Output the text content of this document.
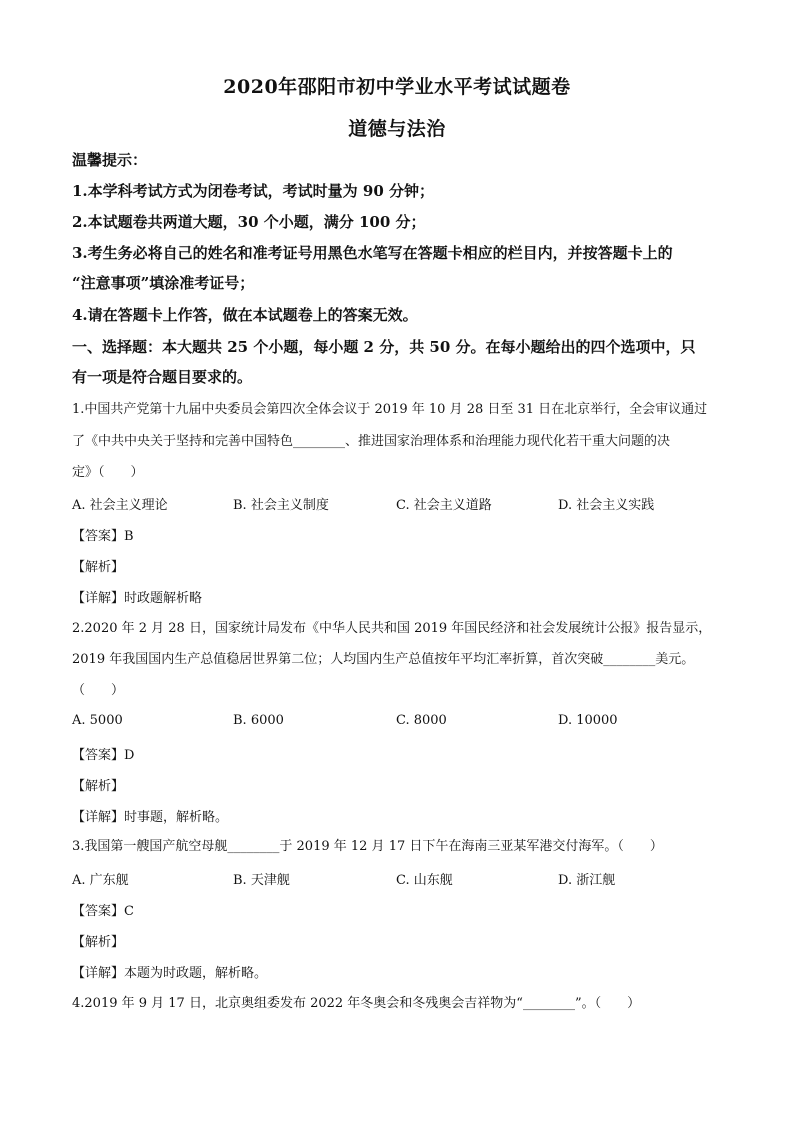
2020年邵阳市初中学业水平考试试题卷
道德与法治
温馨提示：
1.本学科考试方式为闭卷考试，考试时量为 90 分钟；
2.本试题卷共两道大题，30 个小题，满分 100 分；
3.考生务必将自己的姓名和准考证号用黑色水笔写在答题卡相应的栏目内，并按答题卡上的
“注意事项”填涂准考证号；
4.请在答题卡上作答，做在本试题卷上的答案无效。
一、选择题：本大题共 25 个小题，每小题 2 分，共 50 分。在每小题给出的四个选项中，只
有一项是符合题目要求的。
1.中国共产党第十九届中央委员会第四次全体会议于 2019 年 10 月 28 日至 31 日在北京举行，全会审议通过
了《中共中央关于坚持和完善中国特色________、推进国家治理体系和治理能力现代化若干重大问题的决
定》（　　）
A. 社会主义理论	B. 社会主义制度	C. 社会主义道路	D. 社会主义实践
【答案】B
【解析】
【详解】时政题解析略
2.2020 年 2 月 28 日，国家统计局发布《中华人民共和国 2019 年国民经济和社会发展统计公报》报告显示，
2019 年我国国内生产总值稳居世界第二位；人均国内生产总值按年平均汇率折算，首次突破________美元。
（　　）
A. 5000	B. 6000	C. 8000	D. 10000
【答案】D
【解析】
【详解】时事题，解析略。
3.我国第一艘国产航空母舰________于 2019 年 12 月 17 日下午在海南三亚某军港交付海军。（　　）
A. 广东舰	B. 天津舰	C. 山东舰	D. 浙江舰
【答案】C
【解析】
【详解】本题为时政题，解析略。
4.2019 年 9 月 17 日，北京奥组委发布 2022 年冬奥会和冬残奥会吉祥物为“________”。（　　）
